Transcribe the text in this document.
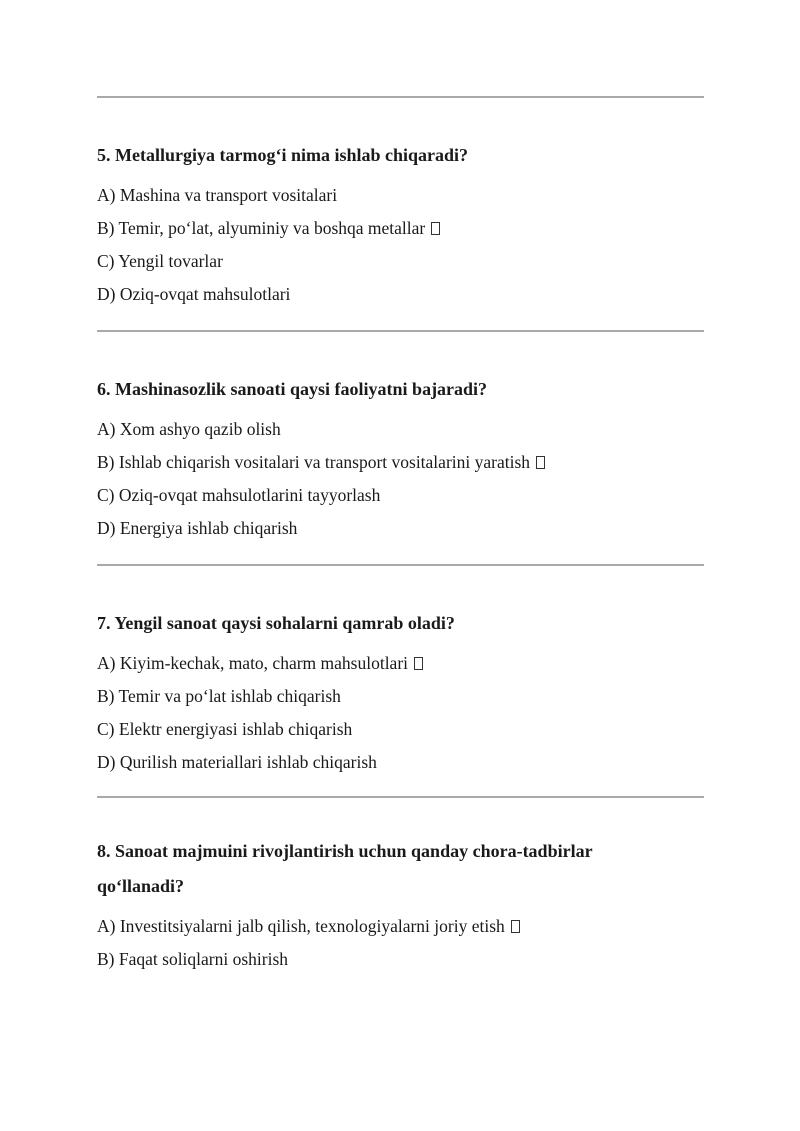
5. Metallurgiya tarmog‘i nima ishlab chiqaradi?

A) Mashina va transport vositalari

B) Temir, po‘lat, alyuminiy va boshqa metallar

C) Yengil tovarlar

D) Oziq-ovqat mahsulotlari

6. Mashinasozlik sanoati qaysi faoliyatni bajaradi?

A) Xom ashyo qazib olish

B) Ishlab chiqarish vositalari va transport vositalarini yaratish

C) Oziq-ovqat mahsulotlarini tayyorlash

D) Energiya ishlab chiqarish

7. Yengil sanoat qaysi sohalarni qamrab oladi?

A) Kiyim-kechak, mato, charm mahsulotlari

B) Temir va po‘lat ishlab chiqarish

C) Elektr energiyasi ishlab chiqarish

D) Qurilish materiallari ishlab chiqarish

8. Sanoat majmuini rivojlantirish uchun qanday chora-tadbirlar
qo‘llanadi?

A) Investitsiyalarni jalb qilish, texnologiyalarni joriy etish

B) Faqat soliqlarni oshirish
